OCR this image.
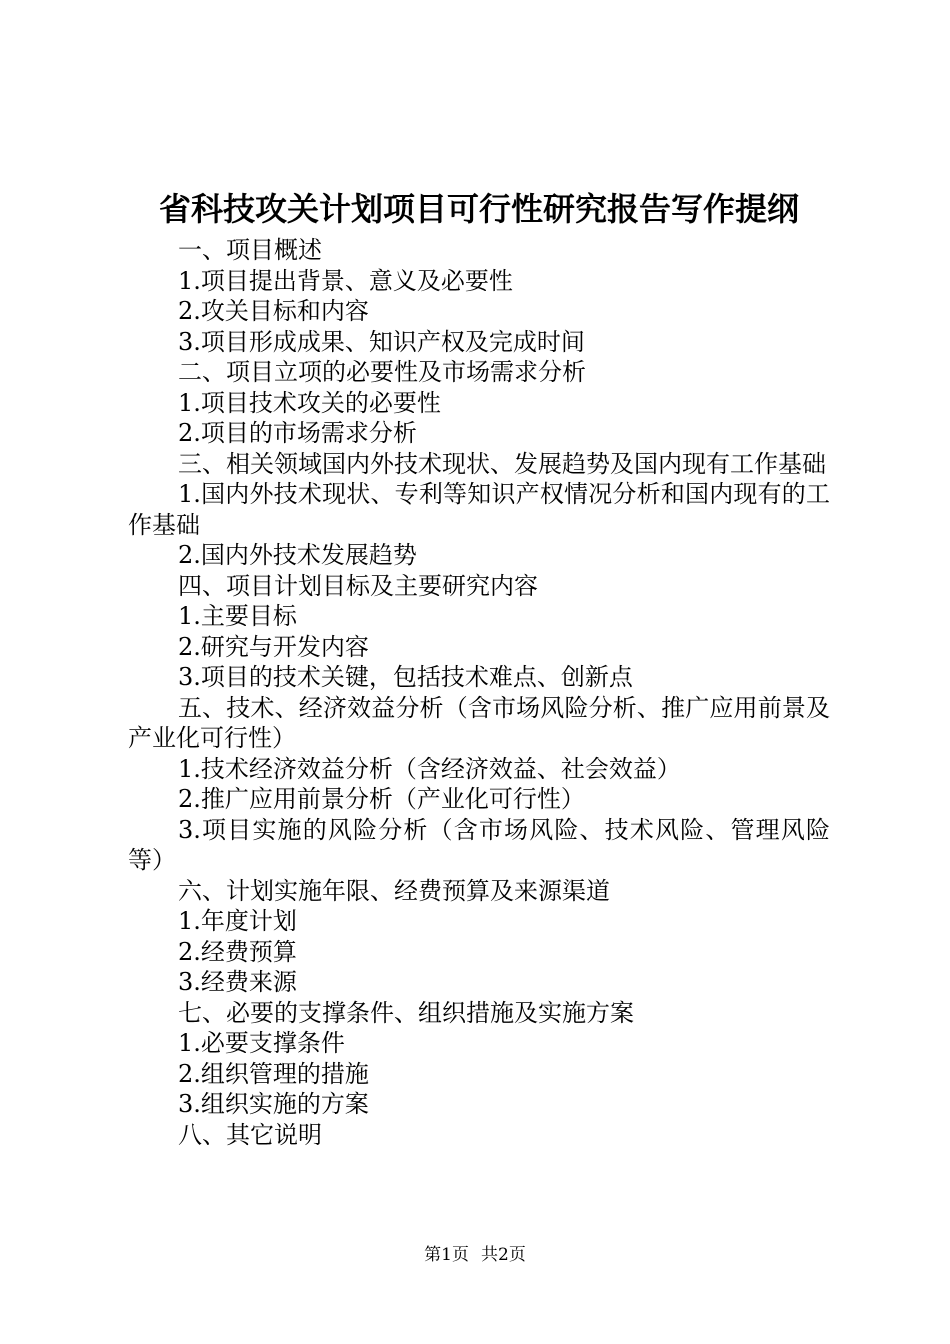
省科技攻关计划项目可行性研究报告写作提纲

一、项目概述

1.项目提出背景、意义及必要性

2.攻关目标和内容

3.项目形成成果、知识产权及完成时间

二、项目立项的必要性及市场需求分析

1.项目技术攻关的必要性

2.项目的市场需求分析

三、相关领域国内外技术现状、发展趋势及国内现有工作基础

1.国内外技术现状、专利等知识产权情况分析和国内现有的工作基础

2.国内外技术发展趋势

四、项目计划目标及主要研究内容

1.主要目标

2.研究与开发内容

3.项目的技术关键，包括技术难点、创新点

五、技术、经济效益分析（含市场风险分析、推广应用前景及产业化可行性）

1.技术经济效益分析（含经济效益、社会效益）

2.推广应用前景分析（产业化可行性）

3.项目实施的风险分析（含市场风险、技术风险、管理风险等）

六、计划实施年限、经费预算及来源渠道

1.年度计划

2.经费预算

3.经费来源

七、必要的支撑条件、组织措施及实施方案

1.必要支撑条件

2.组织管理的措施

3.组织实施的方案

八、其它说明

第1页 共2页
